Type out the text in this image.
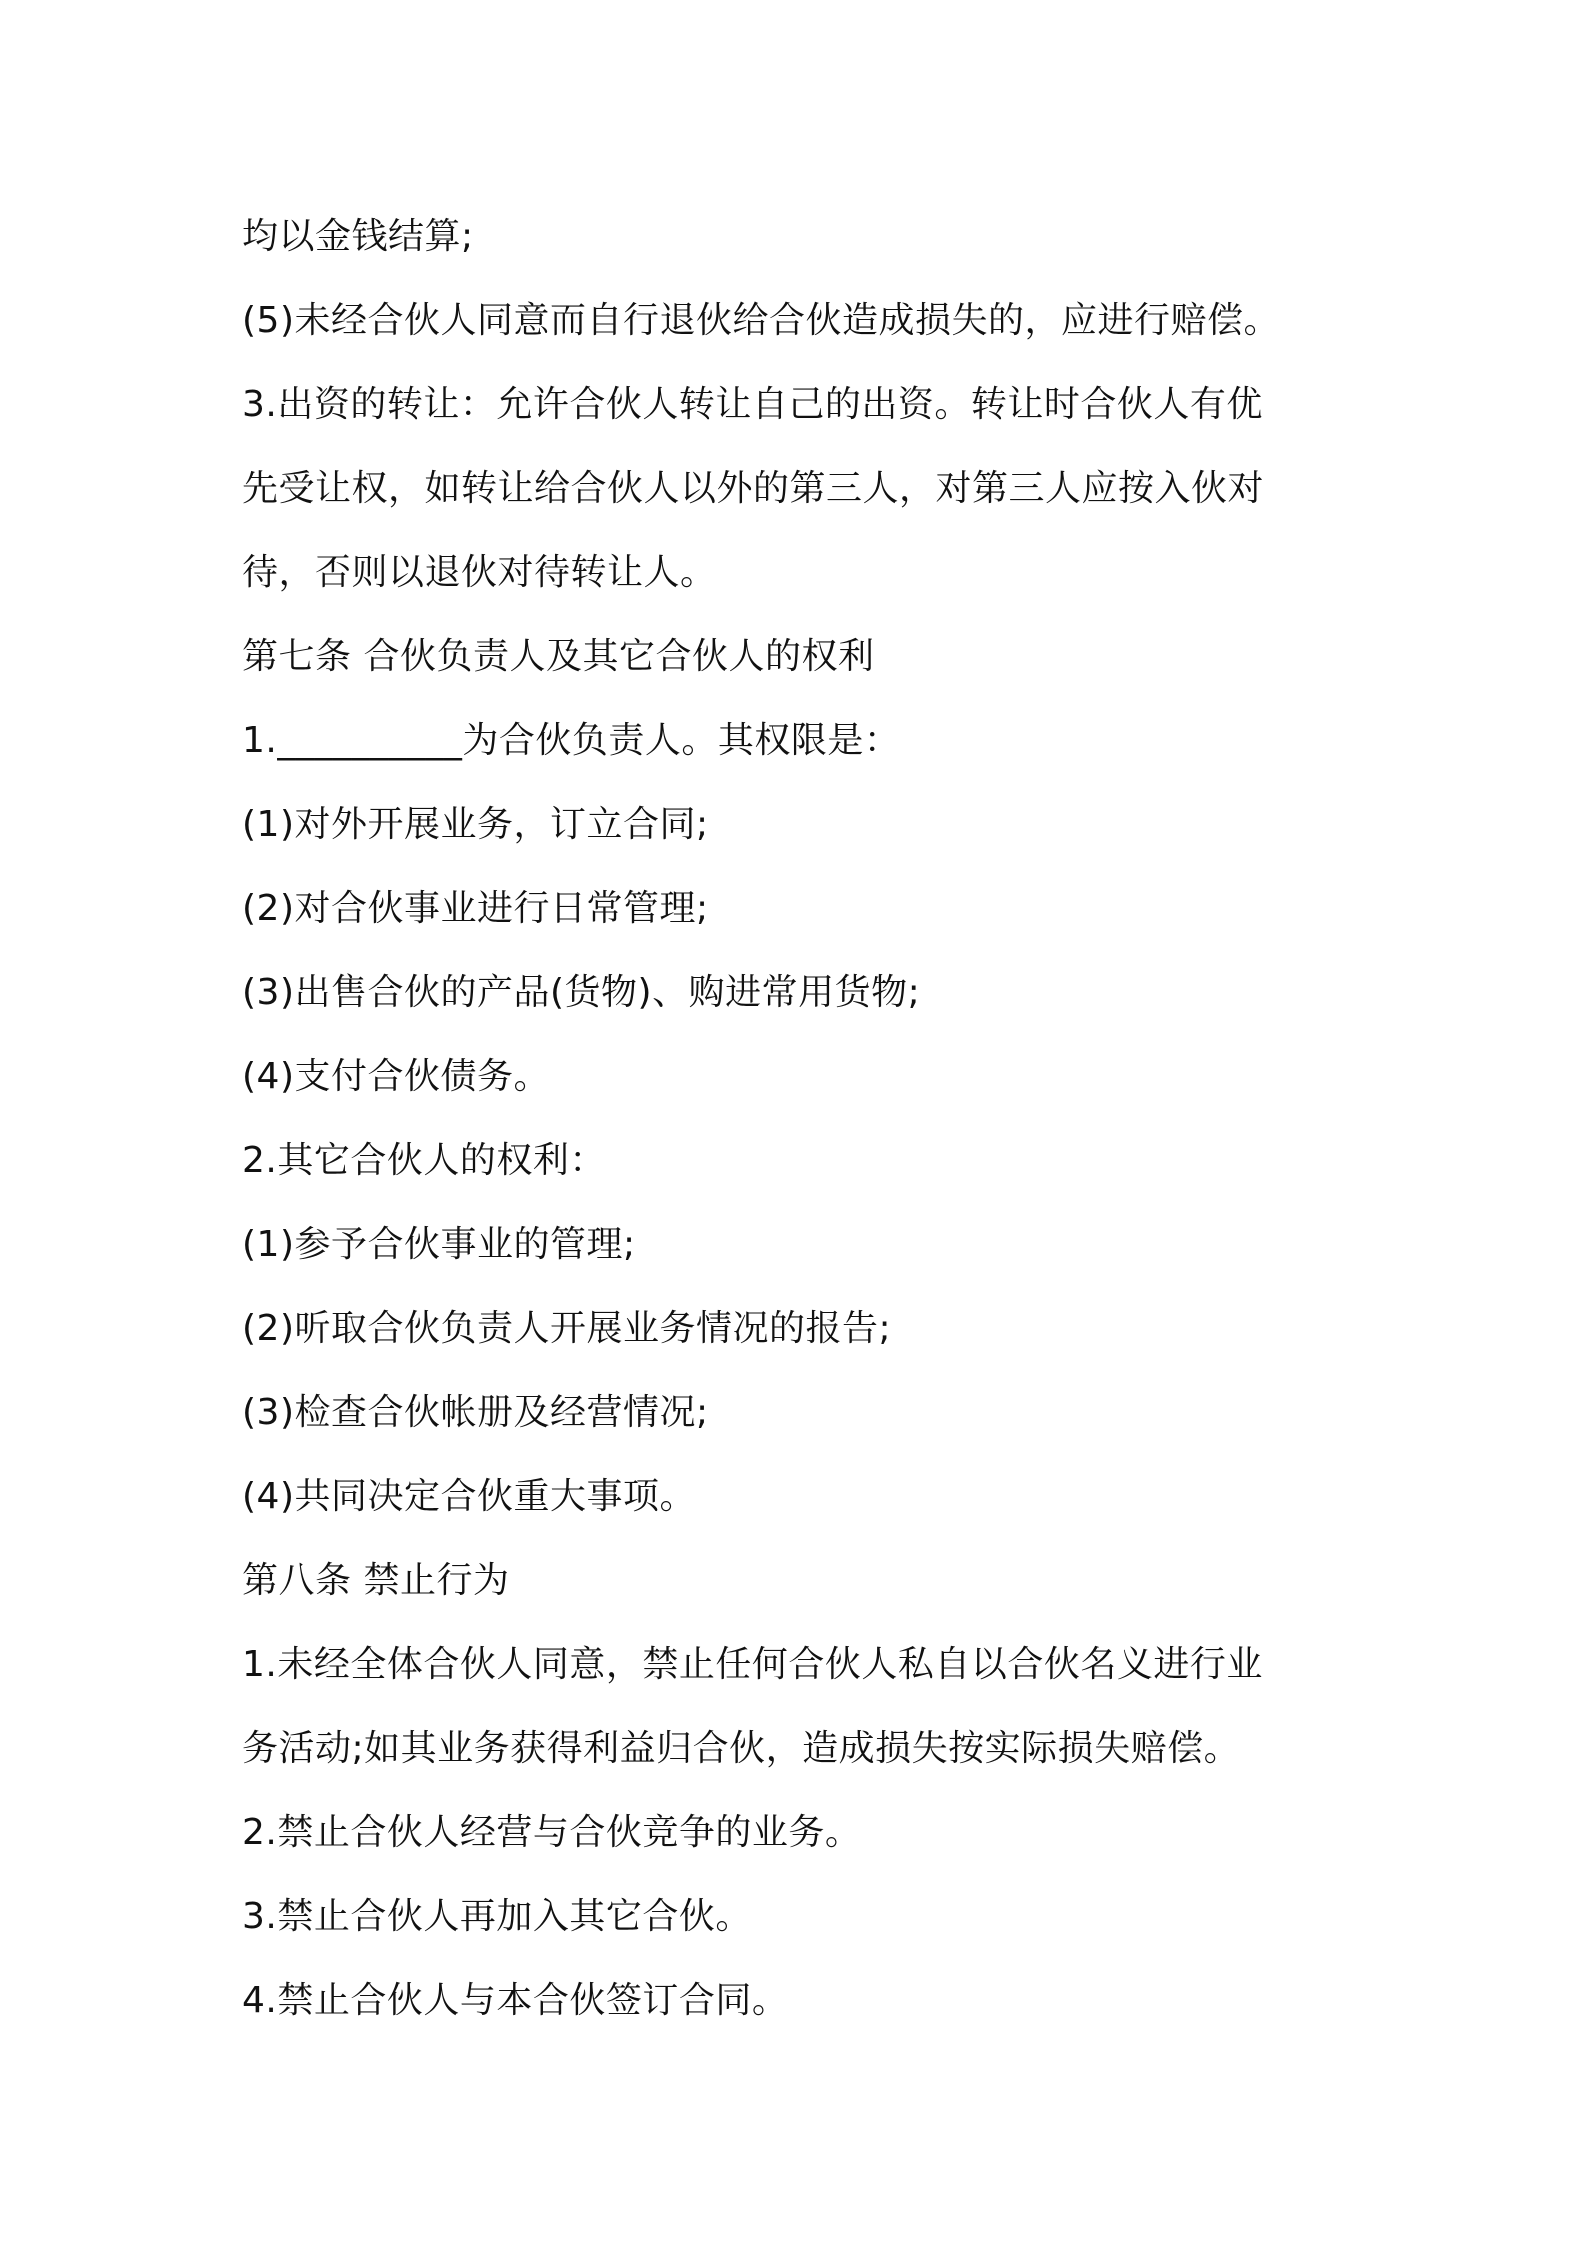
均以金钱结算;
(5)未经合伙人同意而自行退伙给合伙造成损失的，应进行赔偿。
3.出资的转让：允许合伙人转让自己的出资。转让时合伙人有优
先受让权，如转让给合伙人以外的第三人，对第三人应按入伙对
待，否则以退伙对待转让人。
第七条 合伙负责人及其它合伙人的权利
1.__________为合伙负责人。其权限是：
(1)对外开展业务，订立合同;
(2)对合伙事业进行日常管理;
(3)出售合伙的产品(货物)、购进常用货物;
(4)支付合伙债务。
2.其它合伙人的权利：
(1)参予合伙事业的管理;
(2)听取合伙负责人开展业务情况的报告;
(3)检查合伙帐册及经营情况;
(4)共同决定合伙重大事项。
第八条 禁止行为
1.未经全体合伙人同意，禁止任何合伙人私自以合伙名义进行业
务活动;如其业务获得利益归合伙，造成损失按实际损失赔偿。
2.禁止合伙人经营与合伙竞争的业务。
3.禁止合伙人再加入其它合伙。
4.禁止合伙人与本合伙签订合同。
